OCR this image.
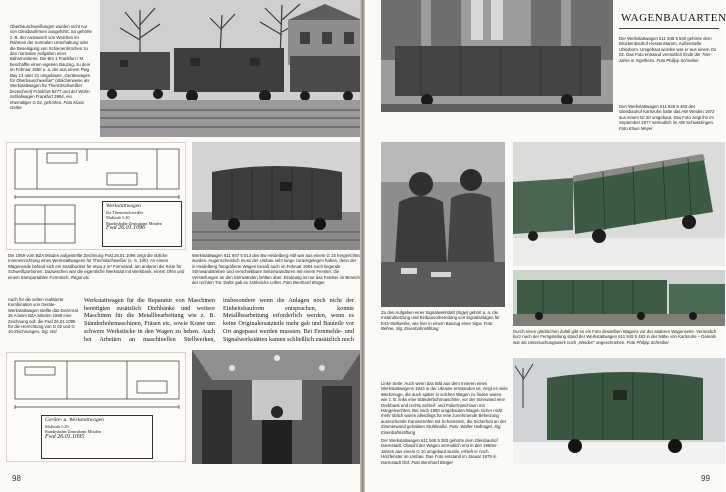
Oberbauschweißungen wurden nicht nur von Gleisbaufirmen ausgeführt. So gehörte z. B. der Austausch von Weichen im Rahmen der normalen Unterhaltung oder die Beseitigung von Schienenbrüchen zu den normalen Aufgaben einer Bahnmeisterei. Die Bm 1 Frankfurt / M beschaffte einen eigenen Bauzug, zu dem im Februar 1960 u. a. der aus einem Pwg Bay 13 oder 21 umgebaute „Gerätewagen für Oberbauschweißer" (üblicherweise als Werkstattwagen für Thermitschweißer bezeichnet) Frankfurt 9277 und der Wohn-Schlafwagen Frankfurt 3994, ein ehemaliger G 02, gehörten. Foto Klaus Gerke
Werkstattwagen
für Thermitschweißer
Maßstab 1:20
Bundesbahn-Zentralamt Minden
Fwd 26.01.1096
Die 1959 vom BZA Minden aufgestellte Zeichnung Fwd 26.01.1096 zeigt die übliche Inneneinrichtung eines Werkstattwagens für Thermitschweißer (s. S. 100). An einem Wagenende befand sich ein Sandbunker für etwa 3 m³ Formsand, am anderen die Kiste für Schweißportionen. Dazwischen war die eigentliche Werkstatt mit Werkbank, einem Ofen und einem transportablen Formtisch. Regal etc.
Werkstattwagen 611 947 5 013 des Bw Heidelberg Hbf war aus einem G 15 hergerichtet worden. Augenscheinlich muss der Umbau sehr lange zurückgelegen haben, denn der in Heidelberg fotografierte Wagen besaß auch im Februar 1984 noch liegende Stirnwandstreben und verschiebbare Seitenwandtüren mit einem Fenster; die Versteifungen an den Stirnwänden fehlten aber. Eindeutig ist nur das Fenster im Bereich der rechten Tür. Dafür gab es zahlreiche Lüfter. Foto Bernhard Brüger
Auch für die selten realisierte Kombination von Geräte- Werkstattwagen stellte das Dezernat 26 A beim BZA Minden 1959 eine Zeichnung auf: die Fwd 26.01.1095 für die Herrichtung von G 02 und G 10-Zeichnungen. Sig. Wd
Werkstattwagen für die Reparatur von Maschinen benötigten zusätzlich Drehbänke und weitere Maschinen für die Metallbearbeitung wie z. B. Ständerbohrmaschinen, Fräsen etc. sowie Krane um schwere Werkstücke in den Wagen zu heben. Auch bei Arbeiten an maschinellen Stellwerken, insbesondere wenn die Anlagen noch nicht der Einheitsbauform entsprachen, konnte Metallbearbeitung erforderlich werden, wenn es keine Originalersatzteile mehr gab und Bauteile vor Ort angepasst werden mussten. Bei Fernmelde- und Signalwerkstätten kamen schließlich zusätzlich noch
Geräte- u. Werkstattwagen
Maßstab 1:20
Bundesbahn-Zentralamt Minden
Fwd 26.01.1095
98
WAGENBAUARTEN
Der Werkstattwagen 611 945 5 540 gehörte dem Brückenbauhof Hessenstamm, Außenstelle Uhlerborn. Umgebaut worden war er aus einem Gs 02. Das Foto entstand vermutlich Ende der 70er-Jahre in Ingelheim. Foto Philipp Schreiber
Den Werkstattwagen 611 945 5 483 des Gleisbauhof Karlsruhe hatte das AW Weiden 1972 aus einem Gr 20 umgebaut. Das Foto zeigt ihn im September 1977 vermutlich im AW Schwetzingen. Foto Klaus Meyer
Zu den Aufgaben einer Signalwerkstatt (Sigw) gehört u. a. die Instandsetzung und Einbauvorbereitung von Signalanlagen für E43-Stellwerke, wie hier in einem Bauzug einer Sigw. Foto: Behne, Slg. Eisenbahnstiftung
Durch einen glücklichen Zufall gibt es ein Foto desselben Wagens vor der anderen Wagenseite. Vermutlich kurz nach der Fertigstellung stand der Werkstattwagen 611 945 5 483 in der Nähe von Karlsruhe – Damals war als Untersuchungswerk noch „Weiden" angeschrieben. Foto Philipp Schreiber
Linke Seite: Auch wenn das Bild aus dem Inneren eines Werkstattwagens 1943 in der Ukraine entstanden ist, zeigt es viele Werkzeuge, die auch später in solchen Wagen zu finden waren, wie z. B. links eine Ständerbohrmaschine, vor der Stirnwand eine Drehbank und rechts Schleif- und Poliermaschinen mit Hängeleuchten. Bei nach 1950 umgebauten Wagen sicher nicht mehr üblich waren allerdings für eine zunehmende Beheizung ausreichende Kanonenöfen mit Schornstein, die Sicherheit an der Zimmerwand gehabten Stuhlmaße. Foto: Walter Hollnagel, Slg. Eisenbahnstiftung
Der Werkstattwagen 611 945 5 383 gehörte dem Gleisbauhof Darmstadt. Obwohl der Wagen vermutlich erst in den 1960er-Jahren aus einem G 10 umgebaut wurde, erhielt er noch Holzfenster im Umbau. Das Foto entstand im Januar 1979 in Darmstadt Gbf. Foto Bernhard Brüger
99
